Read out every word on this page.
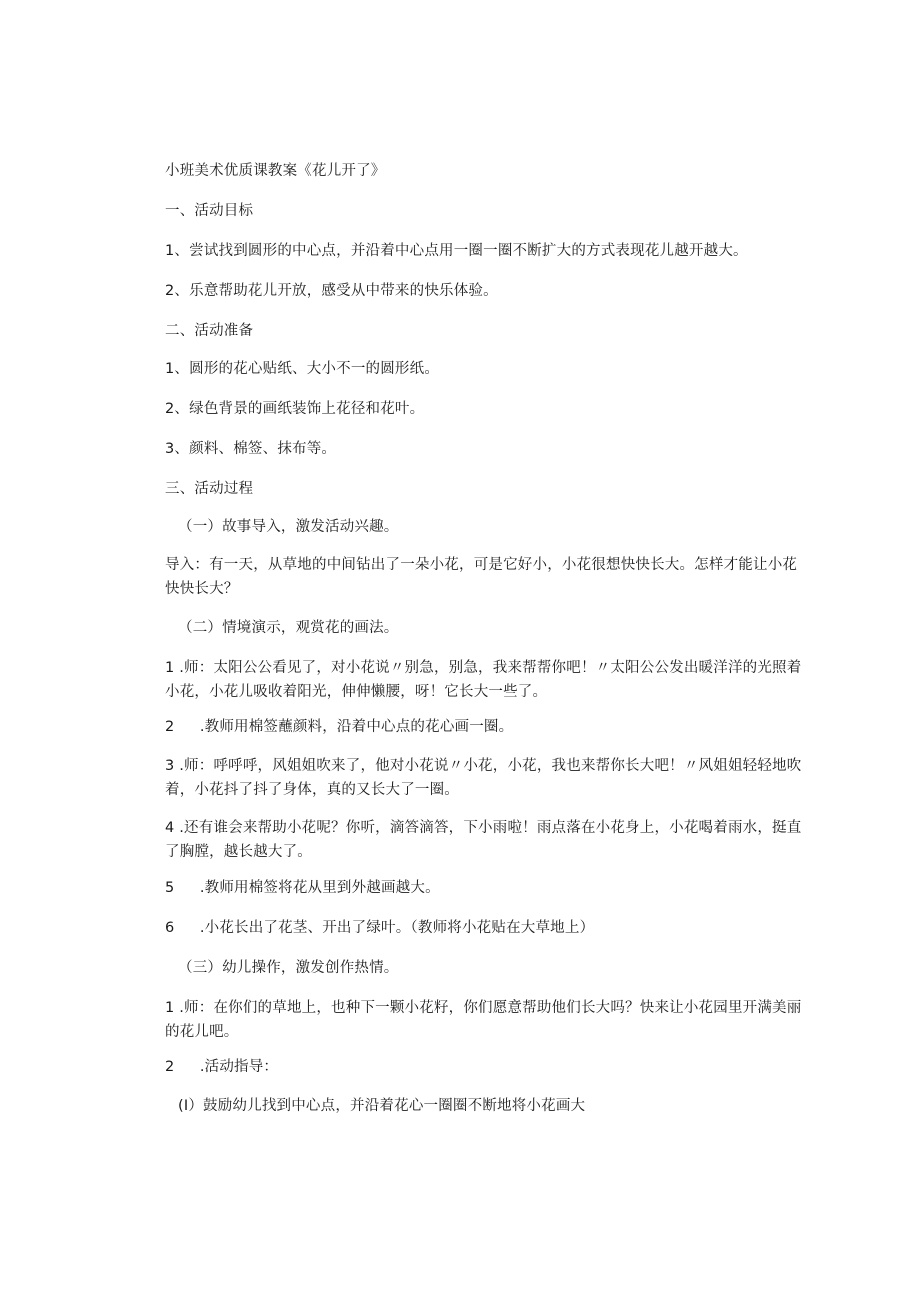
小班美术优质课教案《花儿开了》
一、活动目标
1、尝试找到圆形的中心点，并沿着中心点用一圈一圈不断扩大的方式表现花儿越开越大。
2、乐意帮助花儿开放，感受从中带来的快乐体验。
二、活动准备
1、圆形的花心贴纸、大小不一的圆形纸。
2、绿色背景的画纸装饰上花径和花叶。
3、颜料、棉签、抹布等。
三、活动过程
（一）故事导入，激发活动兴趣。
导入：有一天，从草地的中间钻出了一朵小花，可是它好小，小花很想快快长大。怎样才能让小花快快长大？
（二）情境演示，观赏花的画法。
1 .师：太阳公公看见了，对小花说〃别急，别急，我来帮帮你吧！〃太阳公公发出暖洋洋的光照着小花，小花儿吸收着阳光，伸伸懒腰，呀！它长大一些了。
2 .教师用棉签蘸颜料，沿着中心点的花心画一圈。
3 .师：呼呼呼，风姐姐吹来了，他对小花说〃小花，小花，我也来帮你长大吧！〃风姐姐轻轻地吹着，小花抖了抖了身体，真的又长大了一圈。
4 .还有谁会来帮助小花呢？你听，滴答滴答，下小雨啦！雨点落在小花身上，小花喝着雨水，挺直了胸膛，越长越大了。
5 .教师用棉签将花从里到外越画越大。
6 .小花长出了花茎、开出了绿叶。（教师将小花贴在大草地上）
（三）幼儿操作，激发创作热情。
1 .师：在你们的草地上，也种下一颗小花籽，你们愿意帮助他们长大吗？快来让小花园里开满美丽的花儿吧。
2 .活动指导：
(I）鼓励幼儿找到中心点，并沿着花心一圈圈不断地将小花画大
